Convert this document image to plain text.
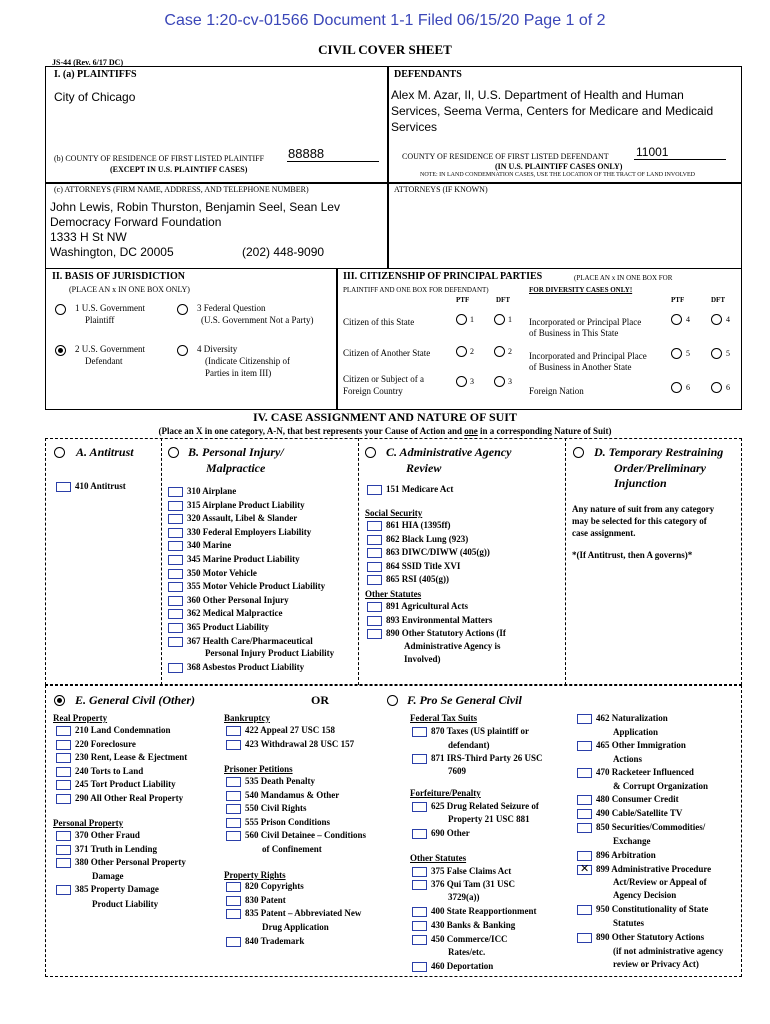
Case 1:20-cv-01566 Document 1-1 Filed 06/15/20 Page 1 of 2
CIVIL COVER SHEET
JS-44 (Rev. 6/17 DC)
I. (a) PLAINTIFFS
City of Chicago
DEFENDANTS
Alex M. Azar, II, U.S. Department of Health and Human
Services, Seema Verma, Centers for Medicare and Medicaid
Services
(b) COUNTY OF RESIDENCE OF FIRST LISTED PLAINTIFF 88888
(EXCEPT IN U.S. PLAINTIFF CASES)
COUNTY OF RESIDENCE OF FIRST LISTED DEFENDANT 11001
(IN U.S. PLAINTIFF CASES ONLY)
NOTE: IN LAND CONDEMNATION CASES, USE THE LOCATION OF THE TRACT OF LAND INVOLVED
(c) ATTORNEYS (FIRM NAME, ADDRESS, AND TELEPHONE NUMBER)	ATTORNEYS (IF KNOWN)
John Lewis, Robin Thurston, Benjamin Seel, Sean Lev
Democracy Forward Foundation
1333 H St NW
Washington, DC 20005	(202) 448-9090
II. BASIS OF JURISDICTION
(PLACE AN x IN ONE BOX ONLY)
1 U.S. Government
Plaintiff
3 Federal Question
(U.S. Government Not a Party)
2 U.S. Government
Defendant
4 Diversity
(Indicate Citizenship of
Parties in item III)
III. CITIZENSHIP OF PRINCIPAL PARTIES	(PLACE AN x IN ONE BOX FOR
PLAINTIFF AND ONE BOX FOR DEFENDANT)	FOR DIVERSITY CASES ONLY!
PTF	DFT	PTF	DFT
Citizen of this State	1	1
Citizen of Another State	2	2
Citizen or Subject of a
Foreign Country
3	3
Incorporated or Principal Place
of Business in This State
4	4
Incorporated and Principal Place
of Business in Another State
5	5
Foreign Nation	6	6
IV. CASE ASSIGNMENT AND NATURE OF SUIT
(Place an X in one category, A-N, that best represents your Cause of Action and one in a corresponding Nature of Suit)
A. Antitrust
410 Antitrust
B. Personal Injury/
Malpractice
310 Airplane
315 Airplane Product Liability
320 Assault, Libel & Slander
330 Federal Employers Liability
340 Marine
345 Marine Product Liability
350 Motor Vehicle
355 Motor Vehicle Product Liability
360 Other Personal Injury
362 Medical Malpractice
365 Product Liability
367 Health Care/Pharmaceutical
Personal Injury Product Liability
368 Asbestos Product Liability
C. Administrative Agency
Review
151 Medicare Act
Social Security
861 HIA (1395ff)
862 Black Lung (923)
863 DIWC/DIWW (405(g))
864 SSID Title XVI
865 RSI (405(g))
Other Statutes
891 Agricultural Acts
893 Environmental Matters
890 Other Statutory Actions (If
Administrative Agency is
Involved)
D. Temporary Restraining
Order/Preliminary
Injunction
Any nature of suit from any category
may be selected for this category of
case assignment.
*(If Antitrust, then A governs)*
E. General Civil (Other)	OR	F. Pro Se General Civil
Real Property
210 Land Condemnation
220 Foreclosure
230 Rent, Lease & Ejectment
240 Torts to Land
245 Tort Product Liability
290 All Other Real Property
Personal Property
370 Other Fraud
371 Truth in Lending
380 Other Personal Property
Damage
385 Property Damage
Product Liability
Bankruptcy
422 Appeal 27 USC 158
423 Withdrawal 28 USC 157
Prisoner Petitions
535 Death Penalty
540 Mandamus & Other
550 Civil Rights
555 Prison Conditions
560 Civil Detainee – Conditions
of Confinement
Property Rights
820 Copyrights
830 Patent
835 Patent – Abbreviated New
Drug Application
840 Trademark
Federal Tax Suits
870 Taxes (US plaintiff or
defendant)
871 IRS-Third Party 26 USC
7609
Forfeiture/Penalty
625 Drug Related Seizure of
Property 21 USC 881
690 Other
Other Statutes
375 False Claims Act
376 Qui Tam (31 USC
3729(a))
400 State Reapportionment
430 Banks & Banking
450 Commerce/ICC
Rates/etc.
460 Deportation
462 Naturalization
Application
465 Other Immigration
Actions
470 Racketeer Influenced
& Corrupt Organization
480 Consumer Credit
490 Cable/Satellite TV
850 Securities/Commodities/
Exchange
896 Arbitration
✕
899 Administrative Procedure
Act/Review or Appeal of
Agency Decision
950 Constitutionality of State
Statutes
890 Other Statutory Actions
(if not administrative agency
review or Privacy Act)
